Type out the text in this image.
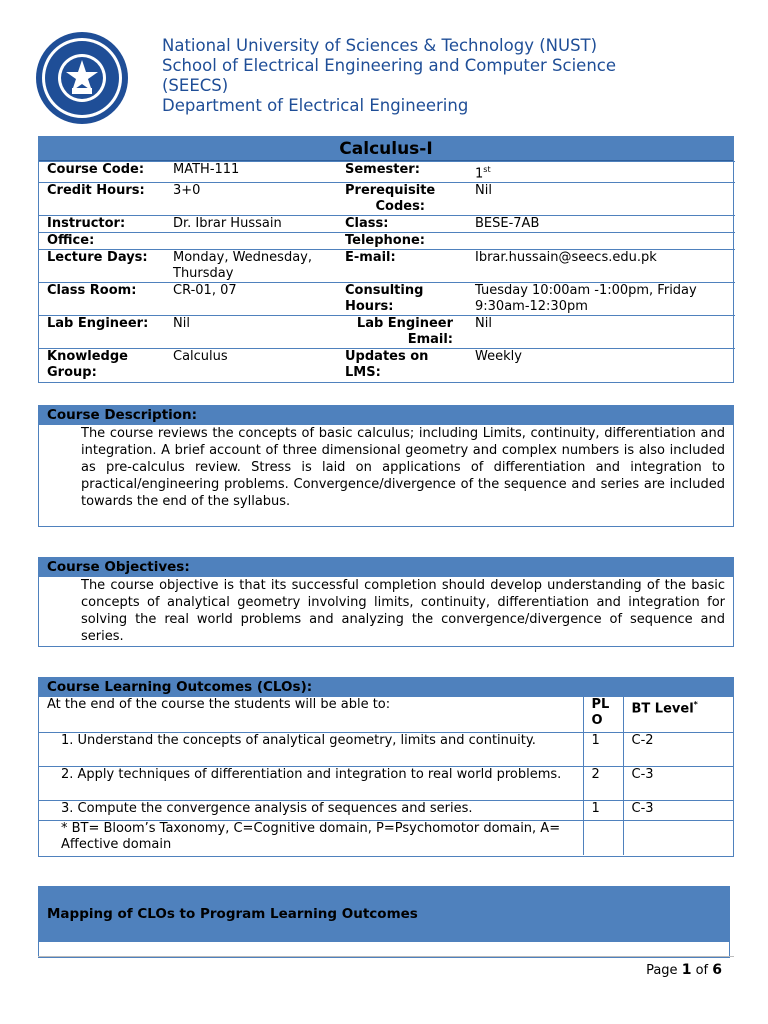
National University of Sciences & Technology (NUST)
School of Electrical Engineering and Computer Science
(SEECS)
Department of Electrical Engineering
Calculus-I
Course Code:	MATH-111	Semester:	1st
Credit Hours:	3+0	Prerequisite Codes:	Nil
Instructor:	Dr. Ibrar Hussain	Class:	BESE-7AB
Office:		Telephone:	
Lecture Days:	Monday, Wednesday, Thursday	E-mail:	Ibrar.hussain@seecs.edu.pk
Class Room:	CR-01, 07	Consulting Hours:	Tuesday 10:00am -1:00pm, Friday 9:30am-12:30pm
Lab Engineer:	Nil	Lab Engineer Email:	Nil
Knowledge Group:	Calculus	Updates on LMS:	Weekly
Course Description:
The course reviews the concepts of basic calculus; including Limits, continuity, differentiation and integration. A brief account of three dimensional geometry and complex numbers is also included as pre-calculus review. Stress is laid on applications of differentiation and integration to practical/engineering problems. Convergence/divergence of the sequence and series are included towards the end of the syllabus.
Course Objectives:
The course objective is that its successful completion should develop understanding of the basic concepts of analytical geometry involving limits, continuity, differentiation and integration for solving the real world problems and analyzing the convergence/divergence of sequence and series.
Course Learning Outcomes (CLOs):
At the end of the course the students will be able to:	PLO	BT Level*
1. Understand the concepts of analytical geometry, limits and continuity.	1	C-2
2. Apply techniques of differentiation and integration to real world problems.	2	C-3
3. Compute the convergence analysis of sequences and series.	1	C-3
* BT= Bloom’s Taxonomy, C=Cognitive domain, P=Psychomotor domain, A= Affective domain		
Mapping of CLOs to Program Learning Outcomes
Page 1 of 6
